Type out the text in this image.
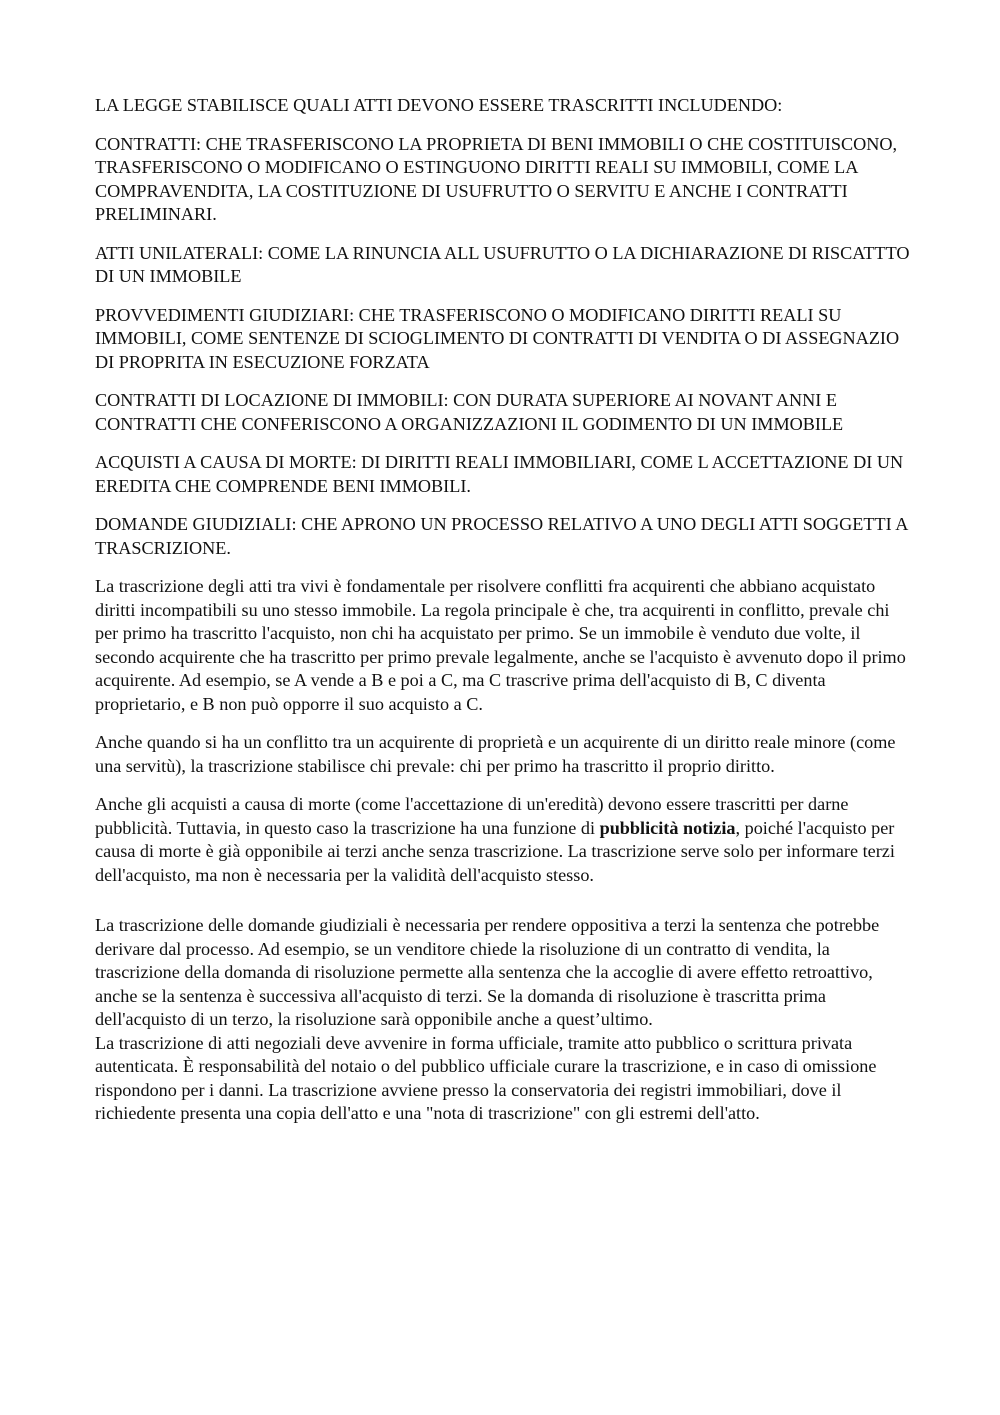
LA LEGGE STABILISCE QUALI ATTI DEVONO ESSERE TRASCRITTI INCLUDENDO:

CONTRATTI: CHE TRASFERISCONO LA PROPRIETA DI BENI IMMOBILI O CHE COSTITUISCONO, TRASFERISCONO O MODIFICANO O ESTINGUONO DIRITTI REALI SU IMMOBILI, COME LA COMPRAVENDITA, LA COSTITUZIONE DI USUFRUTTO O SERVITU E ANCHE I CONTRATTI PRELIMINARI.

ATTI UNILATERALI: COME LA RINUNCIA ALL USUFRUTTO O LA DICHIARAZIONE DI RISCATTTO DI UN IMMOBILE

PROVVEDIMENTI GIUDIZIARI: CHE TRASFERISCONO O MODIFICANO DIRITTI REALI SU IMMOBILI, COME SENTENZE DI SCIOGLIMENTO DI CONTRATTI DI VENDITA O DI ASSEGNAZIO DI PROPRITA IN ESECUZIONE FORZATA

CONTRATTI DI LOCAZIONE DI IMMOBILI: CON DURATA SUPERIORE AI NOVANT ANNI E CONTRATTI CHE CONFERISCONO A ORGANIZZAZIONI IL GODIMENTO DI UN IMMOBILE

ACQUISTI A CAUSA DI MORTE: DI DIRITTI REALI IMMOBILIARI, COME L ACCETTAZIONE DI UN EREDITA CHE COMPRENDE BENI IMMOBILI.

DOMANDE GIUDIZIALI: CHE APRONO UN PROCESSO RELATIVO A UNO DEGLI ATTI SOGGETTI A TRASCRIZIONE.

La trascrizione degli atti tra vivi è fondamentale per risolvere conflitti fra acquirenti che abbiano acquistato diritti incompatibili su uno stesso immobile. La regola principale è che, tra acquirenti in conflitto, prevale chi per primo ha trascritto l'acquisto, non chi ha acquistato per primo. Se un immobile è venduto due volte, il secondo acquirente che ha trascritto per primo prevale legalmente, anche se l'acquisto è avvenuto dopo il primo acquirente. Ad esempio, se A vende a B e poi a C, ma C trascrive prima dell'acquisto di B, C diventa proprietario, e B non può opporre il suo acquisto a C.

Anche quando si ha un conflitto tra un acquirente di proprietà e un acquirente di un diritto reale minore (come una servitù), la trascrizione stabilisce chi prevale: chi per primo ha trascritto il proprio diritto.

Anche gli acquisti a causa di morte (come l'accettazione di un'eredità) devono essere trascritti per darne pubblicità. Tuttavia, in questo caso la trascrizione ha una funzione di pubblicità notizia, poiché l'acquisto per causa di morte è già opponibile ai terzi anche senza trascrizione. La trascrizione serve solo per informare terzi dell'acquisto, ma non è necessaria per la validità dell'acquisto stesso.

La trascrizione delle domande giudiziali è necessaria per rendere oppositiva a terzi la sentenza che potrebbe derivare dal processo. Ad esempio, se un venditore chiede la risoluzione di un contratto di vendita, la trascrizione della domanda di risoluzione permette alla sentenza che la accoglie di avere effetto retroattivo, anche se la sentenza è successiva all'acquisto di terzi. Se la domanda di risoluzione è trascritta prima dell'acquisto di un terzo, la risoluzione sarà opponibile anche a quest’ultimo.

La trascrizione di atti negoziali deve avvenire in forma ufficiale, tramite atto pubblico o scrittura privata autenticata. È responsabilità del notaio o del pubblico ufficiale curare la trascrizione, e in caso di omissione rispondono per i danni. La trascrizione avviene presso la conservatoria dei registri immobiliari, dove il richiedente presenta una copia dell'atto e una "nota di trascrizione" con gli estremi dell'atto.
